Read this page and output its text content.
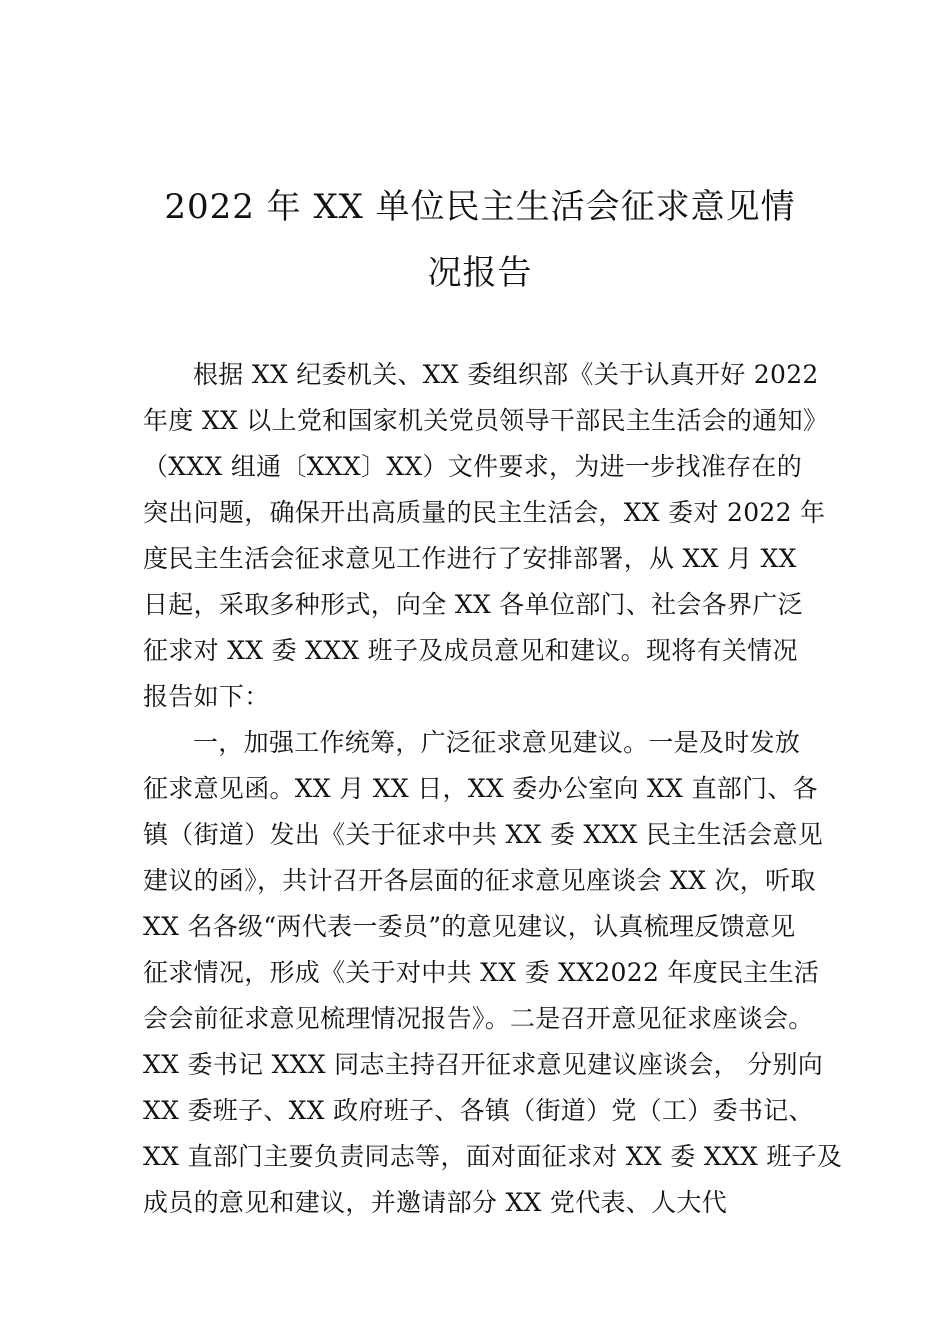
2022 年 XX 单位民主生活会征求意见情
况报告
根据 XX 纪委机关、XX 委组织部《关于认真开好 2022
年度 XX 以上党和国家机关党员领导干部民主生活会的通知》
（XXX 组通〔XXX〕XX）文件要求，为进一步找准存在的
突出问题，确保开出高质量的民主生活会，XX 委对 2022 年
度民主生活会征求意见工作进行了安排部署，从 XX 月 XX
日起，采取多种形式，向全 XX 各单位部门、社会各界广泛
征求对 XX 委 XXX 班子及成员意见和建议。现将有关情况
报告如下：
一，加强工作统筹，广泛征求意见建议。一是及时发放
征求意见函。XX 月 XX 日，XX 委办公室向 XX 直部门、各
镇（街道）发出《关于征求中共 XX 委 XXX 民主生活会意见
建议的函》，共计召开各层面的征求意见座谈会 XX 次，听取
XX 名各级“两代表一委员”的意见建议，认真梳理反馈意见
征求情况，形成《关于对中共 XX 委 XX2022 年度民主生活
会会前征求意见梳理情况报告》。二是召开意见征求座谈会。
XX 委书记 XXX 同志主持召开征求意见建议座谈会， 分别向
XX 委班子、XX 政府班子、各镇（街道）党（工）委书记、
XX 直部门主要负责同志等，面对面征求对 XX 委 XXX 班子及
成员的意见和建议，并邀请部分 XX 党代表、人大代
